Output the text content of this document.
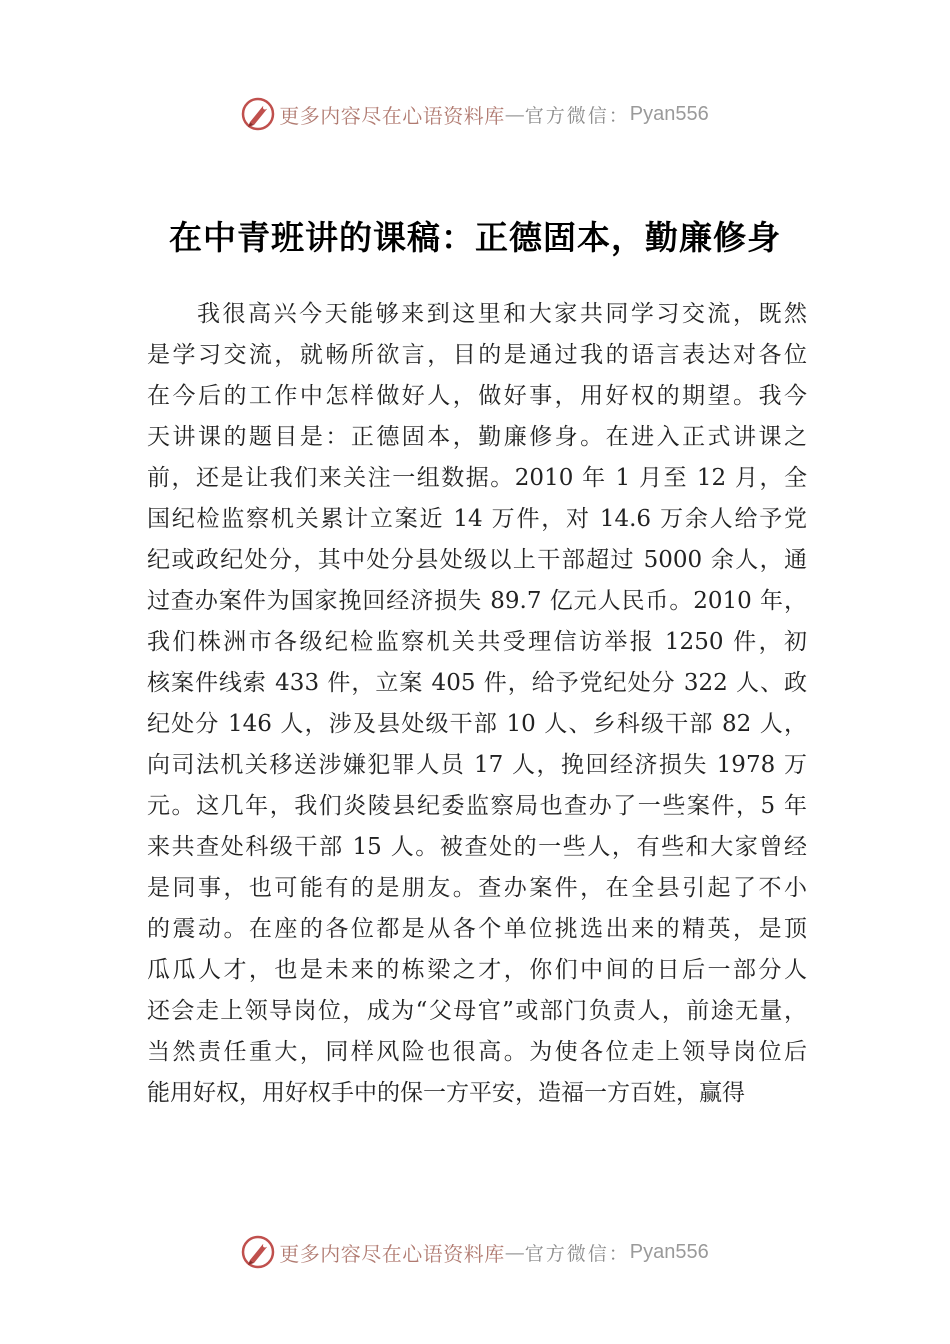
更多内容尽在心语资料库 — 官方微信： Pyan556
在中青班讲的课稿：正德固本，勤廉修身
我很高兴今天能够来到这里和大家共同学习交流，既然
是学习交流，就畅所欲言，目的是通过我的语言表达对各位
在今后的工作中怎样做好人，做好事，用好权的期望。我今
天讲课的题目是：正德固本，勤廉修身。在进入正式讲课之
前，还是让我们来关注一组数据。2010 年 1 月至 12 月，全
国纪检监察机关累计立案近 14 万件，对 14.6 万余人给予党
纪或政纪处分，其中处分县处级以上干部超过 5000 余人，通
过查办案件为国家挽回经济损失 89.7 亿元人民币。2010 年，
我们株洲市各级纪检监察机关共受理信访举报 1250 件，初
核案件线索 433 件，立案 405 件，给予党纪处分 322 人、政
纪处分 146 人，涉及县处级干部 10 人、乡科级干部 82 人，
向司法机关移送涉嫌犯罪人员 17 人，挽回经济损失 1978 万
元。这几年，我们炎陵县纪委监察局也查办了一些案件，5 年
来共查处科级干部 15 人。被查处的一些人，有些和大家曾经
是同事，也可能有的是朋友。查办案件，在全县引起了不小
的震动。在座的各位都是从各个单位挑选出来的精英，是顶
瓜瓜人才，也是未来的栋梁之才，你们中间的日后一部分人
还会走上领导岗位，成为“父母官”或部门负责人，前途无量，
当然责任重大，同样风险也很高。为使各位走上领导岗位后
能用好权，用好权手中的保一方平安，造福一方百姓，赢得
更多内容尽在心语资料库 — 官方微信： Pyan556
